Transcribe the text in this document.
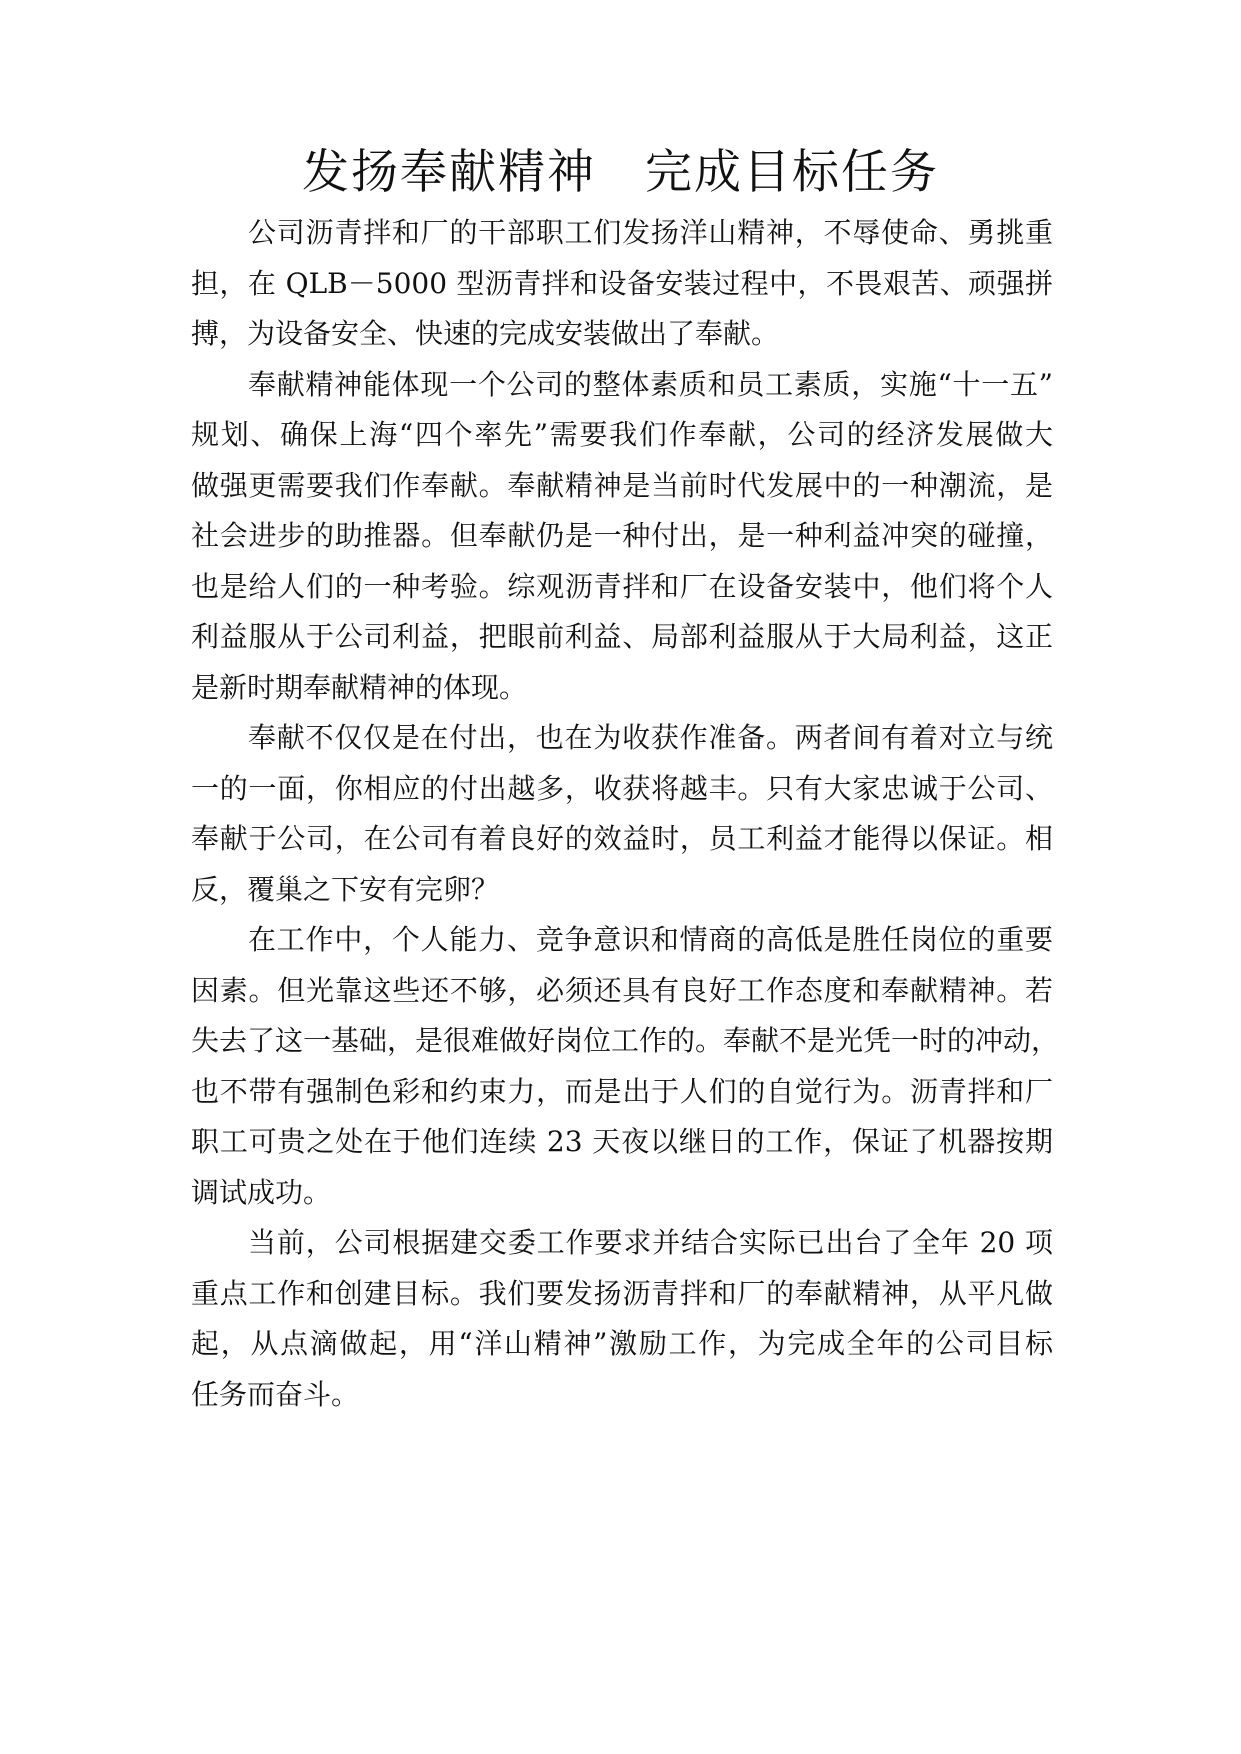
发扬奉献精神　完成目标任务
公司沥青拌和厂的干部职工们发扬洋山精神，不辱使命、勇挑重
担，在 QLB－5000 型沥青拌和设备安装过程中，不畏艰苦、顽强拼
搏，为设备安全、快速的完成安装做出了奉献。
奉献精神能体现一个公司的整体素质和员工素质，实施“十一五”
规划、确保上海“四个率先”需要我们作奉献，公司的经济发展做大
做强更需要我们作奉献。奉献精神是当前时代发展中的一种潮流，是
社会进步的助推器。但奉献仍是一种付出，是一种利益冲突的碰撞，
也是给人们的一种考验。综观沥青拌和厂在设备安装中，他们将个人
利益服从于公司利益，把眼前利益、局部利益服从于大局利益，这正
是新时期奉献精神的体现。
奉献不仅仅是在付出，也在为收获作准备。两者间有着对立与统
一的一面，你相应的付出越多，收获将越丰。只有大家忠诚于公司、
奉献于公司，在公司有着良好的效益时，员工利益才能得以保证。相
反，覆巢之下安有完卵？
在工作中，个人能力、竞争意识和情商的高低是胜任岗位的重要
因素。但光靠这些还不够，必须还具有良好工作态度和奉献精神。若
失去了这一基础，是很难做好岗位工作的。奉献不是光凭一时的冲动，
也不带有强制色彩和约束力，而是出于人们的自觉行为。沥青拌和厂
职工可贵之处在于他们连续 23 天夜以继日的工作，保证了机器按期
调试成功。
当前，公司根据建交委工作要求并结合实际已出台了全年 20 项
重点工作和创建目标。我们要发扬沥青拌和厂的奉献精神，从平凡做
起，从点滴做起，用“洋山精神”激励工作，为完成全年的公司目标
任务而奋斗。
